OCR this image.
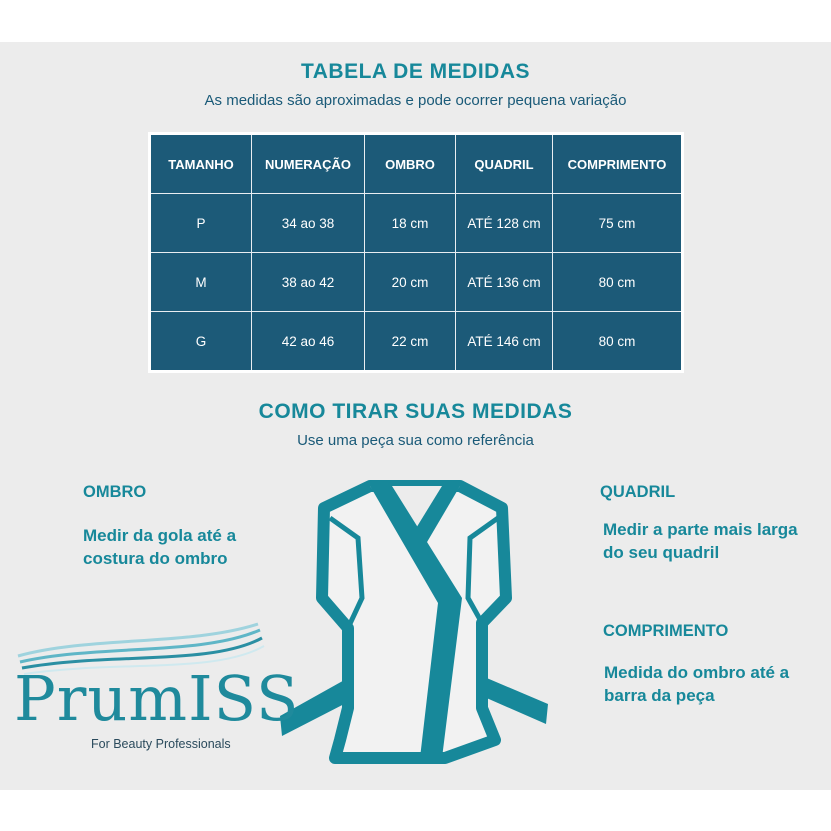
TABELA DE MEDIDAS

As medidas são aproximadas e pode ocorrer pequena variação

TAMANHO	NUMERAÇÃO	OMBRO	QUADRIL	COMPRIMENTO
P	34 ao 38	18 cm	ATÉ 128 cm	75 cm
M	38 ao 42	20 cm	ATÉ 136 cm	80 cm
G	42 ao 46	22 cm	ATÉ 146 cm	80 cm
COMO TIRAR SUAS MEDIDAS

Use uma peça sua como referência

OMBRO

Medir da gola até a costura do ombro

QUADRIL

Medir a parte mais larga do seu quadril

COMPRIMENTO

Medida do ombro até a barra da peça

PrumISS

For Beauty Professionals
